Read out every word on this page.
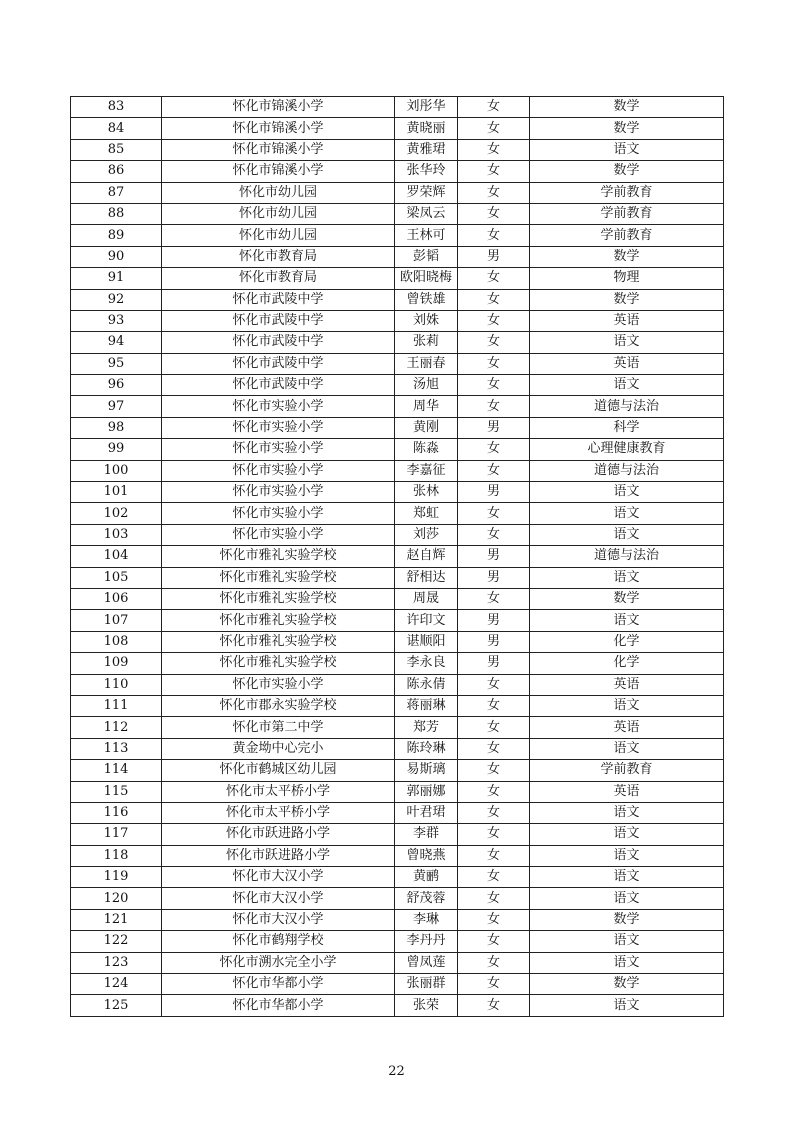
83	怀化市锦溪小学	刘彤华	女	数学
84	怀化市锦溪小学	黄晓丽	女	数学
85	怀化市锦溪小学	黄雅珺	女	语文
86	怀化市锦溪小学	张华玲	女	数学
87	怀化市幼儿园	罗荣辉	女	学前教育
88	怀化市幼儿园	梁凤云	女	学前教育
89	怀化市幼儿园	王林可	女	学前教育
90	怀化市教育局	彭韬	男	数学
91	怀化市教育局	欧阳晓梅	女	物理
92	怀化市武陵中学	曾铁雄	女	数学
93	怀化市武陵中学	刘姝	女	英语
94	怀化市武陵中学	张莉	女	语文
95	怀化市武陵中学	王丽春	女	英语
96	怀化市武陵中学	汤旭	女	语文
97	怀化市实验小学	周华	女	道德与法治
98	怀化市实验小学	黄刚	男	科学
99	怀化市实验小学	陈淼	女	心理健康教育
100	怀化市实验小学	李嘉征	女	道德与法治
101	怀化市实验小学	张林	男	语文
102	怀化市实验小学	郑虹	女	语文
103	怀化市实验小学	刘莎	女	语文
104	怀化市雅礼实验学校	赵自辉	男	道德与法治
105	怀化市雅礼实验学校	舒相达	男	语文
106	怀化市雅礼实验学校	周晟	女	数学
107	怀化市雅礼实验学校	许印文	男	语文
108	怀化市雅礼实验学校	谌顺阳	男	化学
109	怀化市雅礼实验学校	李永良	男	化学
110	怀化市实验小学	陈永倩	女	英语
111	怀化市郡永实验学校	蒋丽琳	女	语文
112	怀化市第二中学	郑芳	女	英语
113	黄金坳中心完小	陈玲琳	女	语文
114	怀化市鹤城区幼儿园	易斯璃	女	学前教育
115	怀化市太平桥小学	郭丽娜	女	英语
116	怀化市太平桥小学	叶君珺	女	语文
117	怀化市跃进路小学	李群	女	语文
118	怀化市跃进路小学	曾晓燕	女	语文
119	怀化市大汉小学	黄鹂	女	语文
120	怀化市大汉小学	舒茂蓉	女	语文
121	怀化市大汉小学	李琳	女	数学
122	怀化市鹤翔学校	李丹丹	女	语文
123	怀化市溯水完全小学	曾凤莲	女	语文
124	怀化市华都小学	张丽群	女	数学
125	怀化市华都小学	张荣	女	语文
22
